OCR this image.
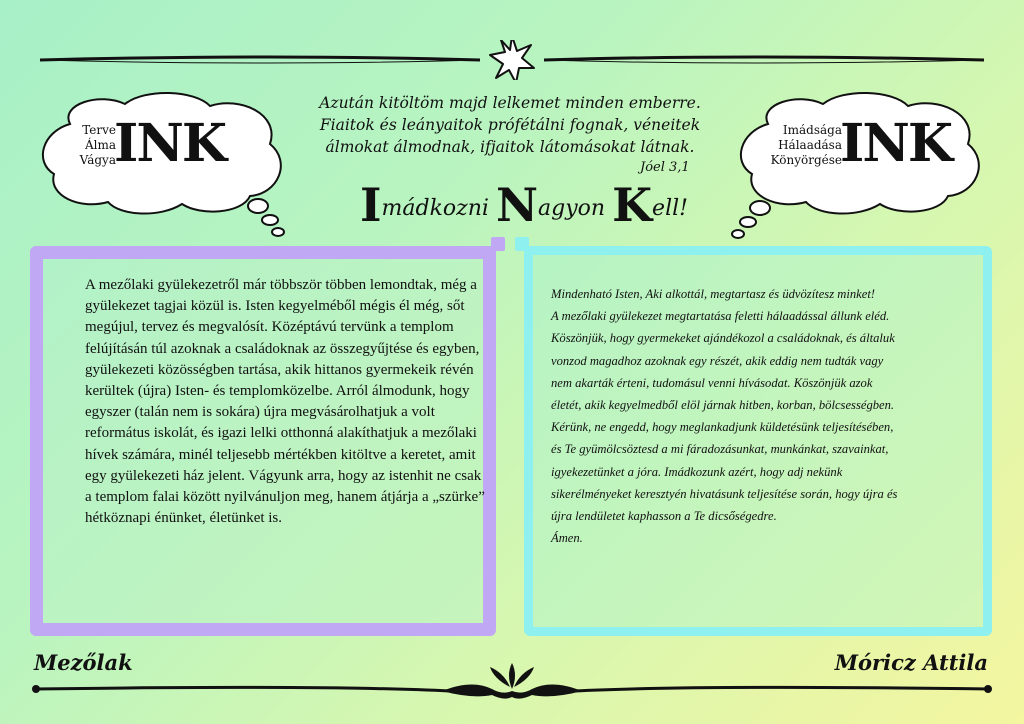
Terve
Álma
Vágya
INK	Imádsága
Hálaadása
Könyörgése
INK
Azután kitöltöm majd lelkemet minden emberre.
Fiaitok és leányaitok prófétálni fognak, véneitek
álmokat álmodnak, ifjaitok látomásokat látnak.
Jóel 3,1
Imádkozni Nagyon Kell!
A mezőlaki gyülekezetről már többször többen lemondtak, még a gyülekezet tagjai közül is. Isten kegyelméből mégis él még, sőt megújul, tervez és megvalósít. Középtávú tervünk a templom felújításán túl azoknak a családoknak az összegyűjtése és egyben, gyülekezeti közösségben tartása, akik hittanos gyermekeik révén kerültek (újra) Isten- és templomközelbe. Arról álmodunk, hogy egyszer (talán nem is sokára) újra megvásárolhatjuk a volt református iskolát, és igazi lelki otthonná alakíthatjuk a mezőlaki hívek számára, minél teljesebb mértékben kitöltve a keretet, amit egy gyülekezeti ház jelent. Vágyunk arra, hogy az istenhit ne csak a templom falai között nyilvánuljon meg, hanem átjárja a „szürke” hétköznapi énünket, életünket is.
Mindenható Isten, Aki alkottál, megtartasz és üdvözítesz minket!
A mezőlaki gyülekezet megtartatása feletti hálaadással állunk eléd.
Köszönjük, hogy gyermekeket ajándékozol a családoknak, és általuk
vonzod magadhoz azoknak egy részét, akik eddig nem tudták vagy
nem akarták érteni, tudomásul venni hívásodat. Köszönjük azok
életét, akik kegyelmedből elöl járnak hitben, korban, bölcsességben.
Kérünk, ne engedd, hogy meglankadjunk küldetésünk teljesítésében,
és Te gyümölcsöztesd a mi fáradozásunkat, munkánkat, szavainkat,
igyekezetünket a jóra. Imádkozunk azért, hogy adj nekünk
sikerélményeket keresztyén hivatásunk teljesítése során, hogy újra és
újra lendületet kaphasson a Te dicsőségedre.
Ámen.
Mezőlak	Móricz Attila
